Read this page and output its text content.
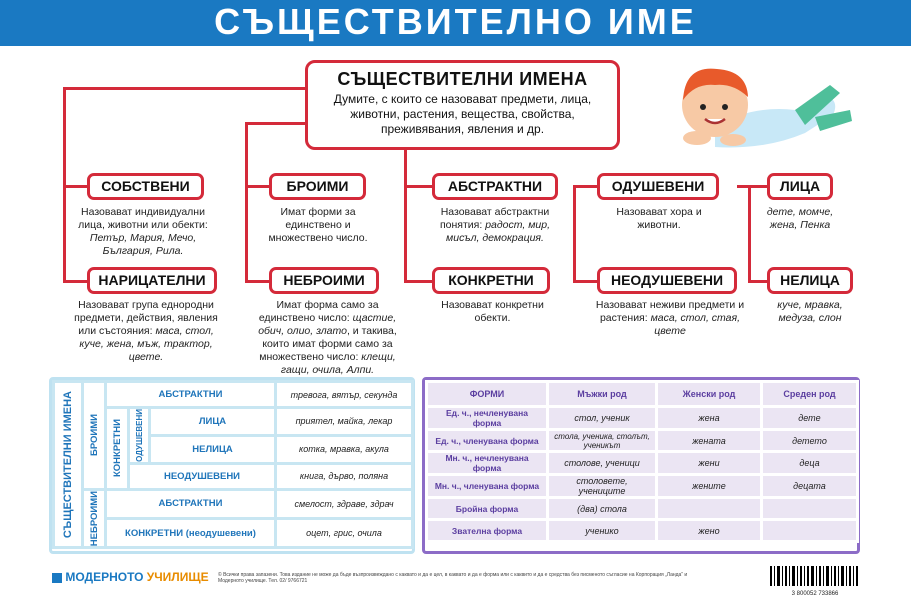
СЪЩЕСТВИТЕЛНО ИМЕ
СЪЩЕСТВИТЕЛНИ ИМЕНА
Думите, с които се назовават предмети, лица, животни, растения, вещества, свойства, преживявания, явления и др.
СОБСТВЕНИ
Назовават индивидуални лица, животни или обекти:
Петър, Мария, Мечо, България, Рила.
НАРИЦАТЕЛНИ
Назовават група еднородни предмети, действия, явления или състояния: маса, стол, куче, жена, мъж, трактор, цвете.
БРОИМИ
Имат форми за единствено и множествено число.
НЕБРОИМИ
Имат форма само за единствено число: щастие, обич, олио, злато, и такива, които имат форми само за множествено число: клещи, гащи, очила, Алпи.
АБСТРАКТНИ
Назовават абстрактни понятия: радост, мир, мисъл, демокрация.
КОНКРЕТНИ
Назовават конкретни обекти.
ОДУШЕВЕНИ
Назовават хора и животни.
НЕОДУШЕВЕНИ
Назовават неживи предмети и растения: маса, стол, стая, цвете
ЛИЦА
дете, момче, жена, Пенка
НЕЛИЦА
куче, мравка, медуза, слон
СЪЩЕСТВИТЕЛНИ ИМЕНА	БРОИМИ	АБСТРАКТНИ			тревога, вятър, секунда

		КОНКРЕТНИ	ОДУШЕВЕНИ	ЛИЦА	приятел, майка, лекар
				НЕЛИЦА	котка, мравка, акула
			НЕОДУШЕВЕНИ		книга, дърво, поляна

	НЕБРОИМИ	АБСТРАКТНИ			смелост, здраве, здрач
		КОНКРЕТНИ (неодушевени)			оцет, грис, очила
ФОРМИ	Мъжки род	Женски род	Среден род
Ед. ч., нечленувана форма	стол, ученик	жена	дете
Ед. ч., членувана форма	стола, ученика, столът, ученикът	жената	детето
Мн. ч., нечленувана форма	столове, ученици	жени	деца
Мн. ч., членувана форма	столовете, учениците	жените	децата
Бройна форма	(два) стола		
Звателна форма	ученико	жено	
МОДЕРНОТО УЧИЛИЩЕ © Всички права запазени. Това издание не може да бъде възпроизвеждано с каквато и да е цел, в каквато и да е форма или с каквито и да е средства без писменото съгласие на Корпорация „Ланда“ и Модерното училище. Тел. 02/ 9766721
3 800052 733866
